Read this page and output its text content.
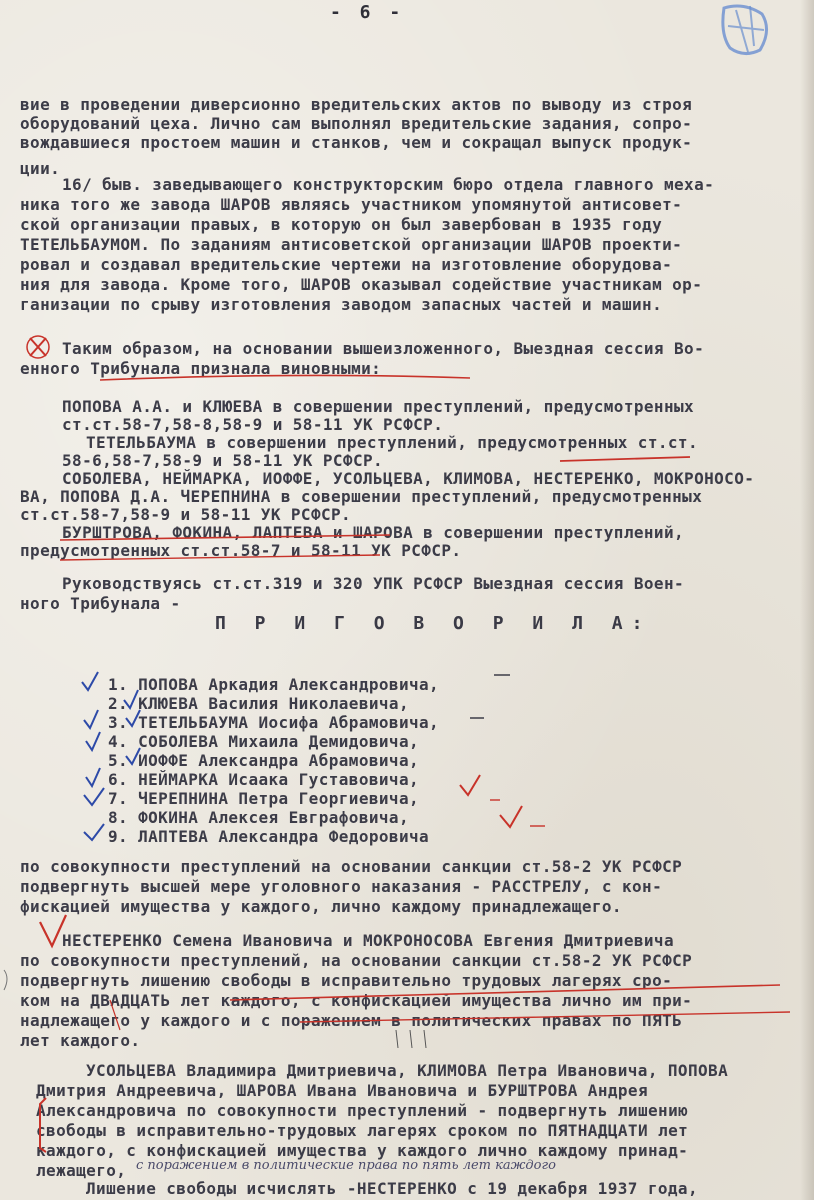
- 6 -
вие в проведении диверсионно вредительских актов по выводу из строя
оборудований цеха. Лично сам выполнял вредительские задания, сопро-
вождавшиеся простоем машин и станков, чем и сокращал выпуск продук-
ции.
16/ быв. заведывающего конструкторским бюро отдела главного меха-
ника того же завода ШАРОВ являясь участником упомянутой антисовет-
ской организации правых, в которую он был завербован в 1935 году
ТЕТЕЛЬБАУМОМ. По заданиям антисоветской организации ШАРОВ проекти-
ровал и создавал вредительские чертежи на изготовление оборудова-
ния для завода. Кроме того, ШАРОВ оказывал содействие участникам ор-
ганизации по срыву изготовления заводом запасных частей и машин.
Таким образом, на основании вышеизложенного, Выездная сессия Во-
енного Трибунала признала виновными:
ПОПОВА А.А. и КЛЮЕВА в совершении преступлений, предусмотренных
ст.ст.58-7,58-8,58-9 и 58-11 УК РСФСР.
ТЕТЕЛЬБАУМА в совершении преступлений, предусмотренных ст.ст.
58-6,58-7,58-9 и 58-11 УК РСФСР.
СОБОЛЕВА, НЕЙМАРКА, ИОФФЕ, УСОЛЬЦЕВА, КЛИМОВА, НЕСТЕРЕНКО, МОКРОНОСО-
ВА, ПОПОВА Д.А. ЧЕРЕПНИНА в совершении преступлений, предусмотренных
ст.ст.58-7,58-9 и 58-11 УК РСФСР.
БУРШТРОВА, ФОКИНА, ЛАПТЕВА и ШАРОВА в совершении преступлений,
предусмотренных ст.ст.58-7 и 58-11 УК РСФСР.
Руководствуясь ст.ст.319 и 320 УПК РСФСР Выездная сессия Воен-
ного Трибунала -
П Р И Г О В О Р И Л А:
1. ПОПОВА Аркадия Александровича,
2. КЛЮЕВА Василия Николаевича,
3. ТЕТЕЛЬБАУМА Иосифа Абрамовича,
4. СОБОЛЕВА Михаила Демидовича,
5. ИОФФЕ Александра Абрамовича,
6. НЕЙМАРКА Исаака Густавовича,
7. ЧЕРЕПНИНА Петра Георгиевича,
8. ФОКИНА Алексея Евграфовича,
9. ЛАПТЕВА Александра Федоровича
по совокупности преступлений на основании санкции ст.58-2 УК РСФСР
подвергнуть высшей мере уголовного наказания - РАССТРЕЛУ, с кон-
фискацией имущества у каждого, лично каждому принадлежащего.
НЕСТЕРЕНКО Семена Ивановича и МОКРОНОСОВА Евгения Дмитриевича
по совокупности преступлений, на основании санкции ст.58-2 УК РСФСР
подвергнуть лишению свободы в исправительно трудовых лагерях сро-
ком на ДВАДЦАТЬ лет каждого, с конфискацией имущества лично им при-
надлежащего у каждого и с поражением в политических правах по ПЯТЬ
лет каждого.
УСОЛЬЦЕВА Владимира Дмитриевича, КЛИМОВА Петра Ивановича, ПОПОВА
Дмитрия Андреевича, ШАРОВА Ивана Ивановича и БУРШТРОВА Андрея
Александровича по совокупности преступлений - подвергнуть лишению
свободы в исправительно-трудовых лагерях сроком по ПЯТНАДЦАТИ лет
каждого, с конфискацией имущества у каждого лично каждому принад-
лежащего, с поражением в политические права по пять лет каждого
Лишение свободы исчислять -НЕСТЕРЕНКО с 19 декабря 1937 года,
